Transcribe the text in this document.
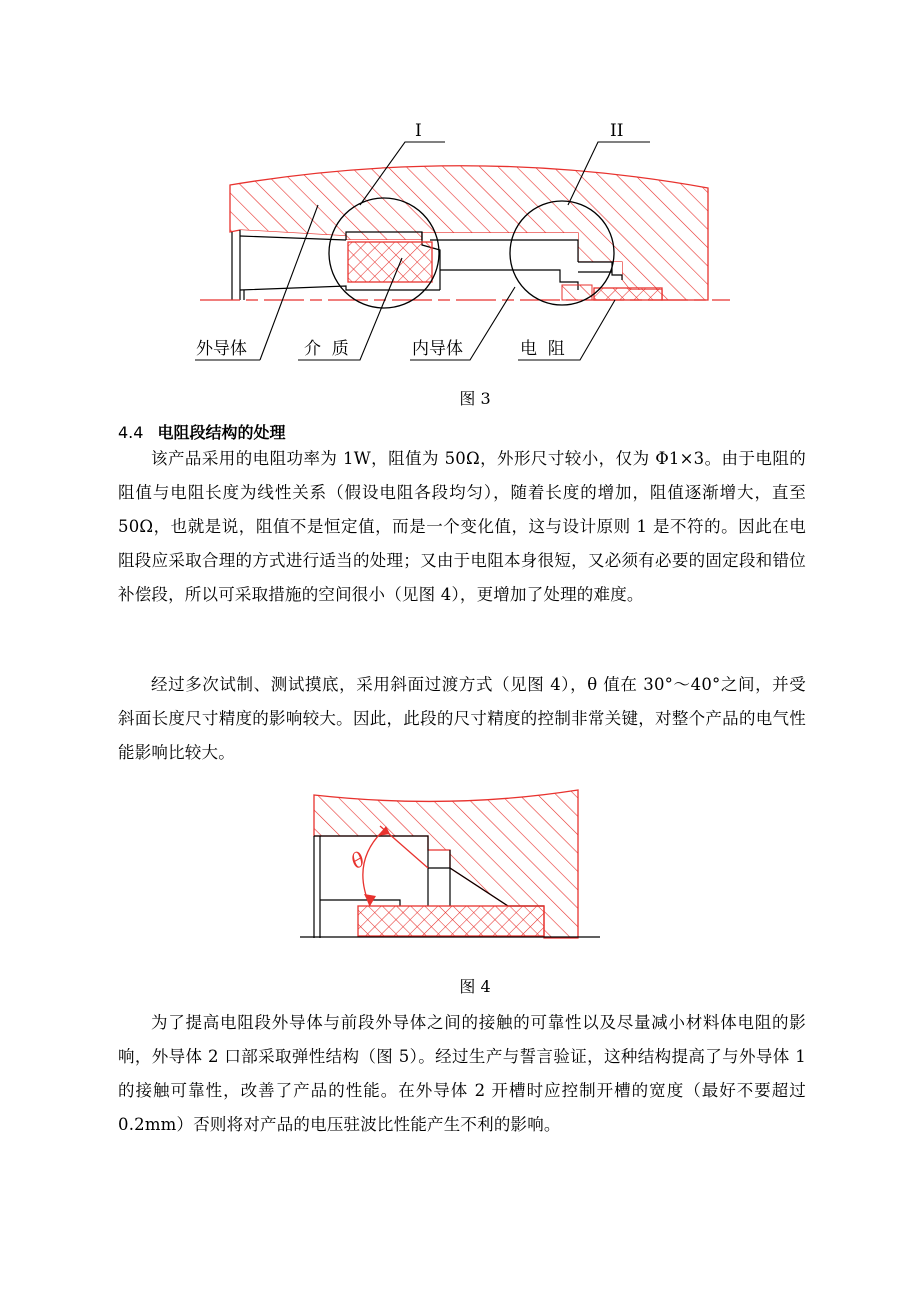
I	II
外导体	介  质	内导体	电  阻
图 3
4.4 电阻段结构的处理

该产品采用的电阻功率为 1W，阻值为 50Ω，外形尺寸较小，仅为 Φ1×3。由于电阻的阻值与电阻长度为线性关系（假设电阻各段均匀），随着长度的增加，阻值逐渐增大，直至 50Ω，也就是说，阻值不是恒定值，而是一个变化值，这与设计原则 1 是不符的。因此在电阻段应采取合理的方式进行适当的处理；又由于电阻本身很短，又必须有必要的固定段和错位补偿段，所以可采取措施的空间很小（见图 4），更增加了处理的难度。

经过多次试制、测试摸底，采用斜面过渡方式（见图 4），θ 值在 30°～40°之间，并受斜面长度尺寸精度的影响较大。因此，此段的尺寸精度的控制非常关键，对整个产品的电气性能影响比较大。

θ
图 4

为了提高电阻段外导体与前段外导体之间的接触的可靠性以及尽量减小材料体电阻的影响，外导体 2 口部采取弹性结构（图 5）。经过生产与誓言验证，这种结构提高了与外导体 1 的接触可靠性，改善了产品的性能。在外导体 2 开槽时应控制开槽的宽度（最好不要超过 0.2mm）否则将对产品的电压驻波比性能产生不利的影响。
